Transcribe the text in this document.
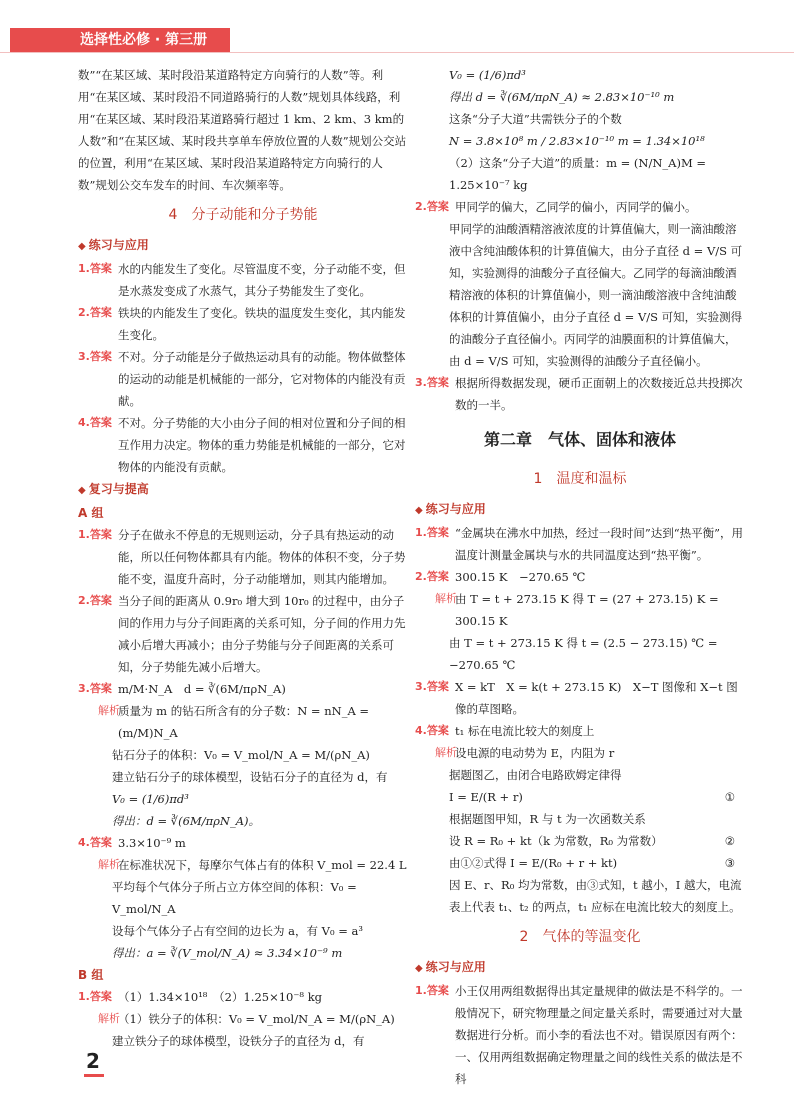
选择性必修 · 第三册

数”“在某区域、某时段沿某道路特定方向骑行的人数”等。利用“在某区域、某时段沿不同道路骑行的人数”规划具体线路，利用“在某区域、某时段沿某道路骑行超过 1 km、2 km、3 km的人数”和“在某区域、某时段共享单车停放位置的人数”规划公交站的位置，利用“在某区域、某时段沿某道路特定方向骑行的人数”规划公交车发车的时间、车次频率等。

4　分子动能和分子势能
◆ 练习与应用
1.答案 水的内能发生了变化。尽管温度不变，分子动能不变，但是水蒸发变成了水蒸气，其分子势能发生了变化。
2.答案 铁块的内能发生了变化。铁块的温度发生变化，其内能发生变化。
3.答案 不对。分子动能是分子做热运动具有的动能。物体做整体的运动的动能是机械能的一部分，它对物体的内能没有贡献。
4.答案 不对。分子势能的大小由分子间的相对位置和分子间的相互作用力决定。物体的重力势能是机械能的一部分，它对物体的内能没有贡献。
◆ 复习与提高
A 组
1.答案 分子在做永不停息的无规则运动，分子具有热运动的动能，所以任何物体都具有内能。物体的体积不变，分子势能不变，温度升高时，分子动能增加，则其内能增加。
2.答案 当分子间的距离从 0.9r₀ 增大到 10r₀ 的过程中，由分子间的作用力与分子间距离的关系可知，分子间的作用力先减小后增大再减小；由分子势能与分子间距离的关系可知，分子势能先减小后增大。
3.答案 m/M·N_A　d = ∛(6M/πρN_A)
解析
质量为 m 的钻石所含有的分子数：N = nN_A = (m/M)N_A
钻石分子的体积：V₀ = V_mol/N_A = M/(ρN_A)
建立钻石分子的球体模型，设钻石分子的直径为 d，有
V₀ = (1/6)πd³
得出：d = ∛(6M/πρN_A)。
4.答案 3.3×10⁻⁹ m
解析
在标准状况下，每摩尔气体占有的体积 V_mol = 22.4 L
平均每个气体分子所占立方体空间的体积：V₀ = V_mol/N_A
设每个气体分子占有空间的边长为 a，有 V₀ = a³
得出：a = ∛(V_mol/N_A) ≈ 3.34×10⁻⁹ m
B 组
1.答案 （1）1.34×10¹⁸　（2）1.25×10⁻⁸ kg
解析
（1）铁分子的体积：V₀ = V_mol/N_A = M/(ρN_A)
建立铁分子的球体模型，设铁分子的直径为 d，有
V₀ = (1/6)πd³
得出 d = ∛(6M/πρN_A) ≈ 2.83×10⁻¹⁰ m
这条“分子大道”共需铁分子的个数
N = 3.8×10⁸ m / 2.83×10⁻¹⁰ m = 1.34×10¹⁸
（2）这条“分子大道”的质量：m = (N/N_A)M = 1.25×10⁻⁷ kg
2.答案 甲同学的偏大，乙同学的偏小，丙同学的偏小。
甲同学的油酸酒精溶液浓度的计算值偏大，则一滴油酸溶液中含纯油酸体积的计算值偏大，由分子直径 d = V/S 可知，实验测得的油酸分子直径偏大。乙同学的每滴油酸酒精溶液的体积的计算值偏小，则一滴油酸溶液中含纯油酸体积的计算值偏小，由分子直径 d = V/S 可知，实验测得的油酸分子直径偏小。丙同学的油膜面积的计算值偏大，由 d = V/S 可知，实验测得的油酸分子直径偏小。
3.答案 根据所得数据发现，硬币正面朝上的次数接近总共投掷次数的一半。
第二章　气体、固体和液体
1　温度和温标
◆ 练习与应用
1.答案 “金属块在沸水中加热，经过一段时间”达到“热平衡”，用温度计测量金属块与水的共同温度达到“热平衡”。
2.答案 300.15 K　−270.65 ℃
解析
由 T = t + 273.15 K 得 T = (27 + 273.15) K = 300.15 K
由 T = t + 273.15 K 得 t = (2.5 − 273.15) ℃ = −270.65 ℃
3.答案 X = kT　X = k(t + 273.15 K)　X−T 图像和 X−t 图像的草图略。
4.答案 t₁ 标在电流比较大的刻度上
解析
设电源的电动势为 E，内阻为 r
据题图乙，由闭合电路欧姆定律得
I = E/(R + r)	①
根据题图甲知，R 与 t 为一次函数关系
设 R = R₀ + kt（k 为常数，R₀ 为常数）	②
由①②式得 I = E/(R₀ + r + kt)	③
因 E、r、R₀ 均为常数，由③式知，t 越小，I 越大，电流表上代表 t₁、t₂ 的两点，t₁ 应标在电流比较大的刻度上。
2　气体的等温变化
◆ 练习与应用
1.答案 小王仅用两组数据得出其定量规律的做法是不科学的。一般情况下，研究物理量之间定量关系时，需要通过对大量数据进行分析。而小李的看法也不对。错误原因有两个：一、仅用两组数据确定物理量之间的线性关系的做法是不科
2
